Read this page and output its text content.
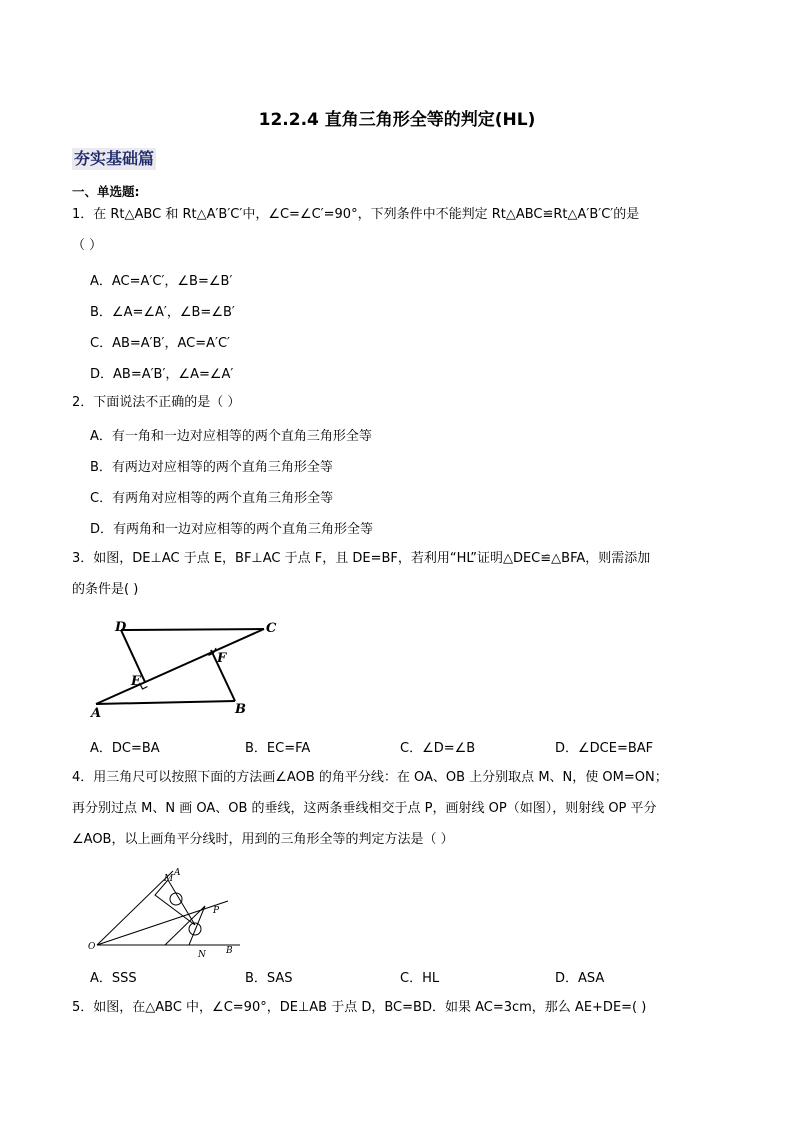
12.2.4 直角三角形全等的判定(HL)
夯实基础篇
一、单选题:
1．在 Rt△ABC 和 Rt△A′B′C′中，∠C=∠C′=90°，下列条件中不能判定 Rt△ABC≌Rt△A′B′C′的是
（ ）
A．AC=A′C′，∠B=∠B′
B．∠A=∠A′，∠B=∠B′
C．AB=A′B′，AC=A′C′
D．AB=A′B′，∠A=∠A′
2．下面说法不正确的是（ ）
A．有一角和一边对应相等的两个直角三角形全等
B．有两边对应相等的两个直角三角形全等
C．有两角对应相等的两个直角三角形全等
D．有两角和一边对应相等的两个直角三角形全等
3．如图，DE⊥AC 于点 E，BF⊥AC 于点 F，且 DE=BF，若利用“HL”证明△DEC≌△BFA，则需添加
的条件是( )
D	C
F
E
A	B
A．DC=BA	B．EC=FA	C．∠D=∠B	D．∠DCE=BAF
4．用三角尺可以按照下面的方法画∠AOB 的角平分线：在 OA、OB 上分别取点 M、N，使 OM=ON；
再分别过点 M、N 画 OA、OB 的垂线，这两条垂线相交于点 P，画射线 OP（如图），则射线 OP 平分
∠AOB，以上画角平分线时，用到的三角形全等的判定方法是（ ）
A
M
P
O
N B
A．SSS	B．SAS	C．HL	D．ASA
5．如图，在△ABC 中，∠C=90°，DE⊥AB 于点 D，BC=BD．如果 AC=3cm，那么 AE+DE=( )
